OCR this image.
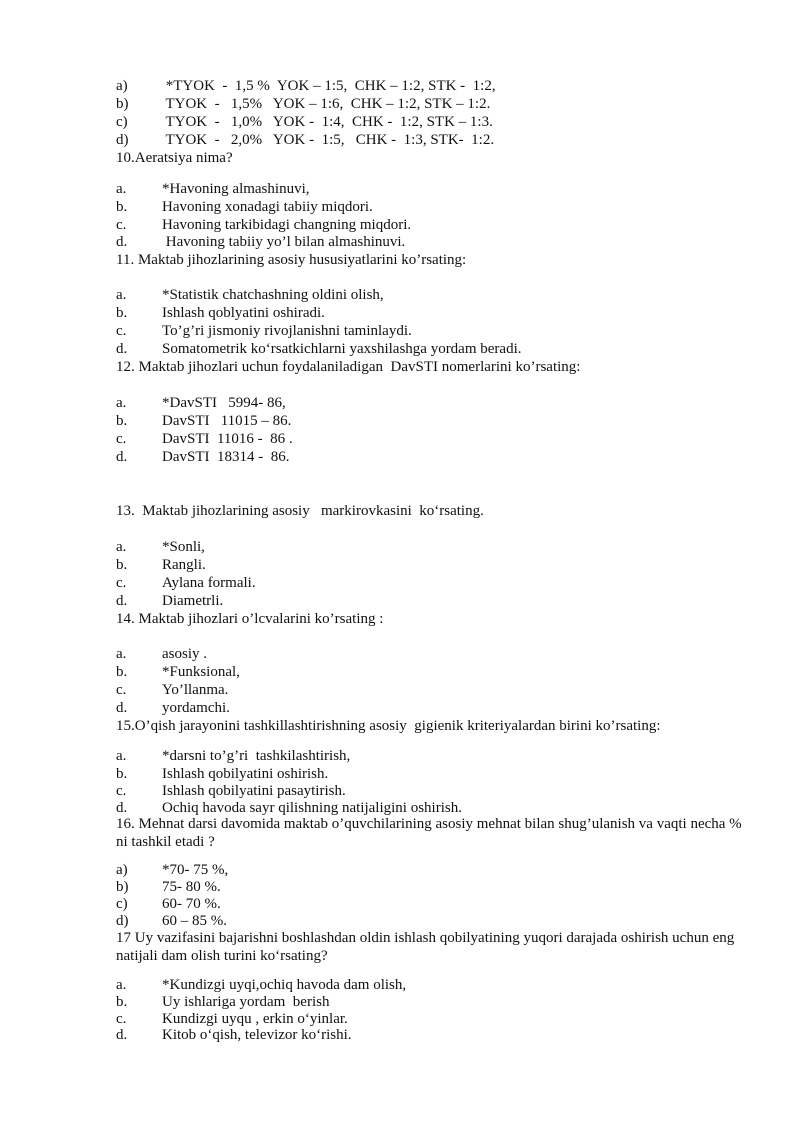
a) *TYOK  -  1,5 %  YOK – 1:5,  CHK – 1:2, STK -  1:2,
b) TYOK  -   1,5%   YOK – 1:6,  CHK – 1:2, STK – 1:2.
c) TYOK  -   1,0%   YOK -  1:4,  CHK -  1:2, STK – 1:3.
d) TYOK  -   2,0%   YOK -  1:5,   CHK -  1:3, STK-  1:2.
10.Aeratsiya nima?
a. *Havoning almashinuvi,
b. Havoning xonadagi tabiiy miqdori.
c. Havoning tarkibidagi changning miqdori.
d. Havoning tabiiy yo’l bilan almashinuvi.
11. Maktab jihozlarining asosiy hususiyatlarini ko’rsating:
a. *Statistik chatchashning oldini olish,
b. Ishlash qoblyatini oshiradi.
c. To’g’ri jismoniy rivojlanishni taminlaydi.
d. Somatometrik ko‘rsatkichlarni yaxshilashga yordam beradi.
12. Maktab jihozlari uchun foydalaniladigan  DavSTI nomerlarini ko’rsating:
a. *DavSTI   5994- 86,
b. DavSTI   11015 – 86.
c. DavSTI  11016 -  86 .
d. DavSTI  18314 -  86.
13.  Maktab jihozlarining asosiy   markirovkasini  ko‘rsating.
a. *Sonli,
b. Rangli.
c. Aylana formali.
d. Diametrli.
14. Maktab jihozlari o’lcvalarini ko’rsating :
a. asosiy .
b. *Funksional,
c. Yo’llanma.
d. yordamchi.
15.O’qish jarayonini tashkillashtirishning asosiy  gigienik kriteriyalardan birini ko’rsating:
a. *darsni to’g’ri  tashkilashtirish,
b. Ishlash qobilyatini oshirish.
c. Ishlash qobilyatini pasaytirish.
d. Ochiq havoda sayr qilishning natijaligini oshirish.
16. Mehnat darsi davomida maktab o’quvchilarining asosiy mehnat bilan shug’ulanish va vaqti necha % ni tashkil etadi ?
a) *70- 75 %,
b) 75- 80 %.
c) 60- 70 %.
d) 60 – 85 %.
17 Uy vazifasini bajarishni boshlashdan oldin ishlash qobilyatining yuqori darajada oshirish uchun eng natijali dam olish turini ko‘rsating?
a. *Kundizgi uyqi,ochiq havoda dam olish,
b. Uy ishlariga yordam  berish
c. Kundizgi uyqu , erkin o‘yinlar.
d. Kitob o‘qish, televizor ko‘rishi.
